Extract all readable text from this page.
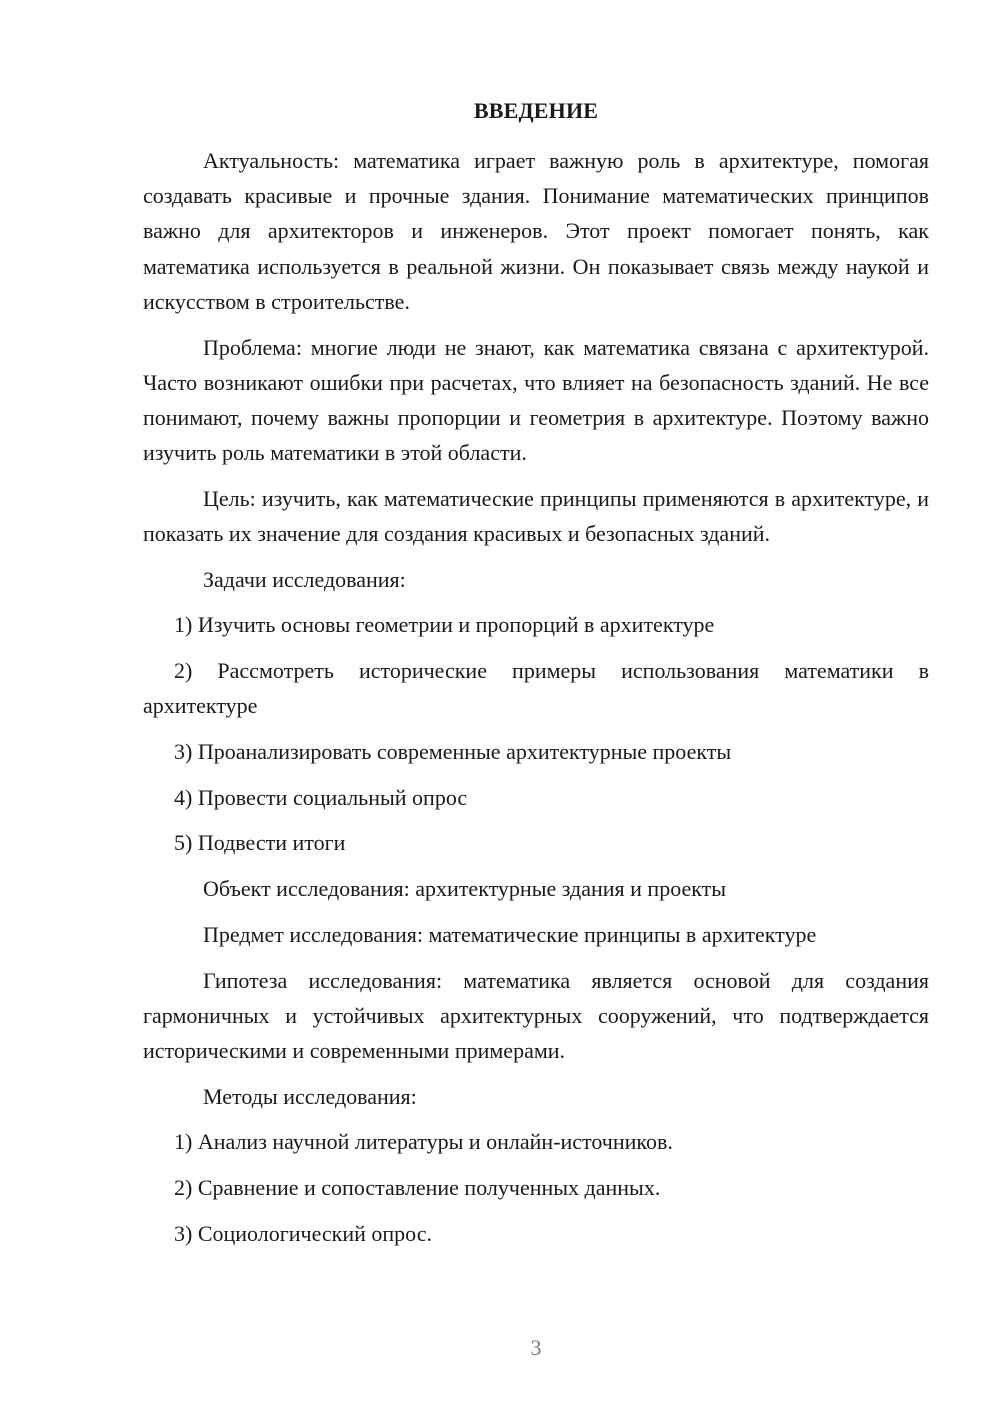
ВВЕДЕНИЕ

Актуальность: математика играет важную роль в архитектуре, помогая создавать красивые и прочные здания. Понимание математических принципов важно для архитекторов и инженеров. Этот проект помогает понять, как математика используется в реальной жизни. Он показывает связь между наукой и искусством в строительстве.

Проблема: многие люди не знают, как математика связана с архитектурой. Часто возникают ошибки при расчетах, что влияет на безопасность зданий. Не все понимают, почему важны пропорции и геометрия в архитектуре. Поэтому важно изучить роль математики в этой области.

Цель: изучить, как математические принципы применяются в архитектуре, и показать их значение для создания красивых и безопасных зданий.

Задачи исследования:

1) Изучить основы геометрии и пропорций в архитектуре

2) Рассмотреть исторические примеры использования математики в архитектуре

3) Проанализировать современные архитектурные проекты

4) Провести социальный опрос

5) Подвести итоги

Объект исследования: архитектурные здания и проекты

Предмет исследования: математические принципы в архитектуре

Гипотеза исследования: математика является основой для создания гармоничных и устойчивых архитектурных сооружений, что подтверждается историческими и современными примерами.

Методы исследования:

1) Анализ научной литературы и онлайн-источников.

2) Сравнение и сопоставление полученных данных.

3) Социологический опрос.

3
